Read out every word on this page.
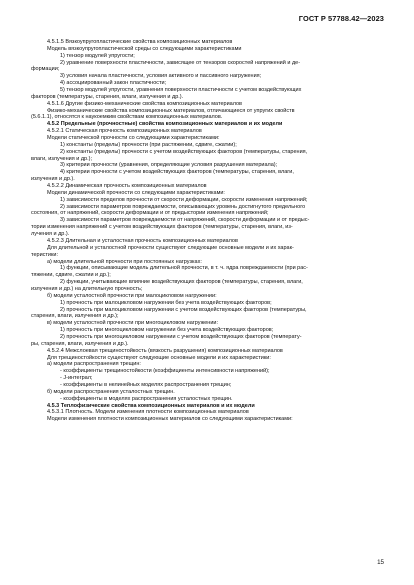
ГОСТ Р 57788.42—2023
4.5.1.5 Вязкоупругопластические свойства композиционных материалов
Модель вязкоупругопластической среды со следующими характеристиками
1) тензор модулей упругости;
2) уравнение поверхности пластичности, зависящее от тензоров скоростей напряжений и де-
формации;
3) условия начала пластичности, условия активного и пассивного нагружения;
4) ассоциированный закон пластичности;
5) тензор модулей упругости, уравнения поверхности пластичности с учетом воздействующих
факторов (температуры, старения, влаги, излучения и др.).
4.5.1.6 Другие физико-механические свойства композиционных материалов
Физико-механические свойства композиционных материалов, отличающиеся от упругих свойств
(5.6.1.1), относятся к наукоемким свойствам композиционных материалов.
4.5.2 Предельные (прочностные) свойства композиционных материалов и их модели
4.5.2.1 Статическая прочность композиционных материалов
Модели статической прочности со следующими характеристиками:
1) константы (пределы) прочности (при растяжении, сдвиге, сжатии);
2) константы (пределы) прочности с учетом воздействующих факторов (температуры, старения,
влаги, излучения и др.);
3) критерии прочности (уравнения, определяющие условия разрушения материала);
4) критерии прочности с учетом воздействующих факторов (температуры, старения, влаги,
излучения и др.).
4.5.2.2 Динамическая прочность композиционных материалов
Модели динамической прочности со следующими характеристиками:
1) зависимости пределов прочности от скорости деформации, скорости изменения напряжений;
2) зависимости параметров повреждаемости, описывающих уровень достигнутого предельного
состояния, от напряжений, скорости деформации и от предыстории изменения напряжений;
3) зависимости параметров повреждаемости от напряжений, скорости деформации и от предыс-
тории изменения напряжений с учетом воздействующих факторов (температуры, старения, влаги, из-
лучения и др.).
4.5.2.3 Длительная и усталостная прочность композиционных материалов
Для длительной и усталостной прочности существуют следующие основные модели и их харак-
теристики:
а) модели длительной прочности при постоянных нагрузках:
1) функции, описывающие модель длительной прочности, в т. ч. ядра повреждаемости (при рас-
тяжении, сдвиге, сжатии и др.);
2) функции, учитывающие влияние воздействующих факторов (температуры, старения, влаги,
излучения и др.) на длительную прочность;
б) модели усталостной прочности при малоцикловом нагружении:
1) прочность при малоцикловом нагружении без учета воздействующих факторов;
2) прочность при малоцикловом нагружении с учетом воздействующих факторов (температуры,
старения, влаги, излучения и др.);
в) модели усталостной прочности при многоцикловом нагружении:
1) прочность при многоцикловом нагружении без учета воздействующих факторов;
2) прочность при многоцикловом нагружении с учетом воздействующих факторов (температу-
ры, старения, влаги, излучения и др.).
4.5.2.4 Межслоевая трещиностойкость (вязкость разрушения) композиционных материалов
Для трещиностойкости существуют следующие основные модели и их характеристики:
а) модели распространения трещин:
- коэффициенты трещиностойкости (коэффициенты интенсивности напряжений);
- J-интеграл;
- коэффициенты в нелинейных моделях распространения трещин;
б) модели распространения усталостных трещин.
- коэффициенты в моделях распространения усталостных трещин.
4.5.3 Теплофизические свойства композиционных материалов и их модели
4.5.3.1 Плотность. Модели изменения плотности композиционных материалов
Модели изменения плотности композиционных материалов со следующими характеристиками:
15
